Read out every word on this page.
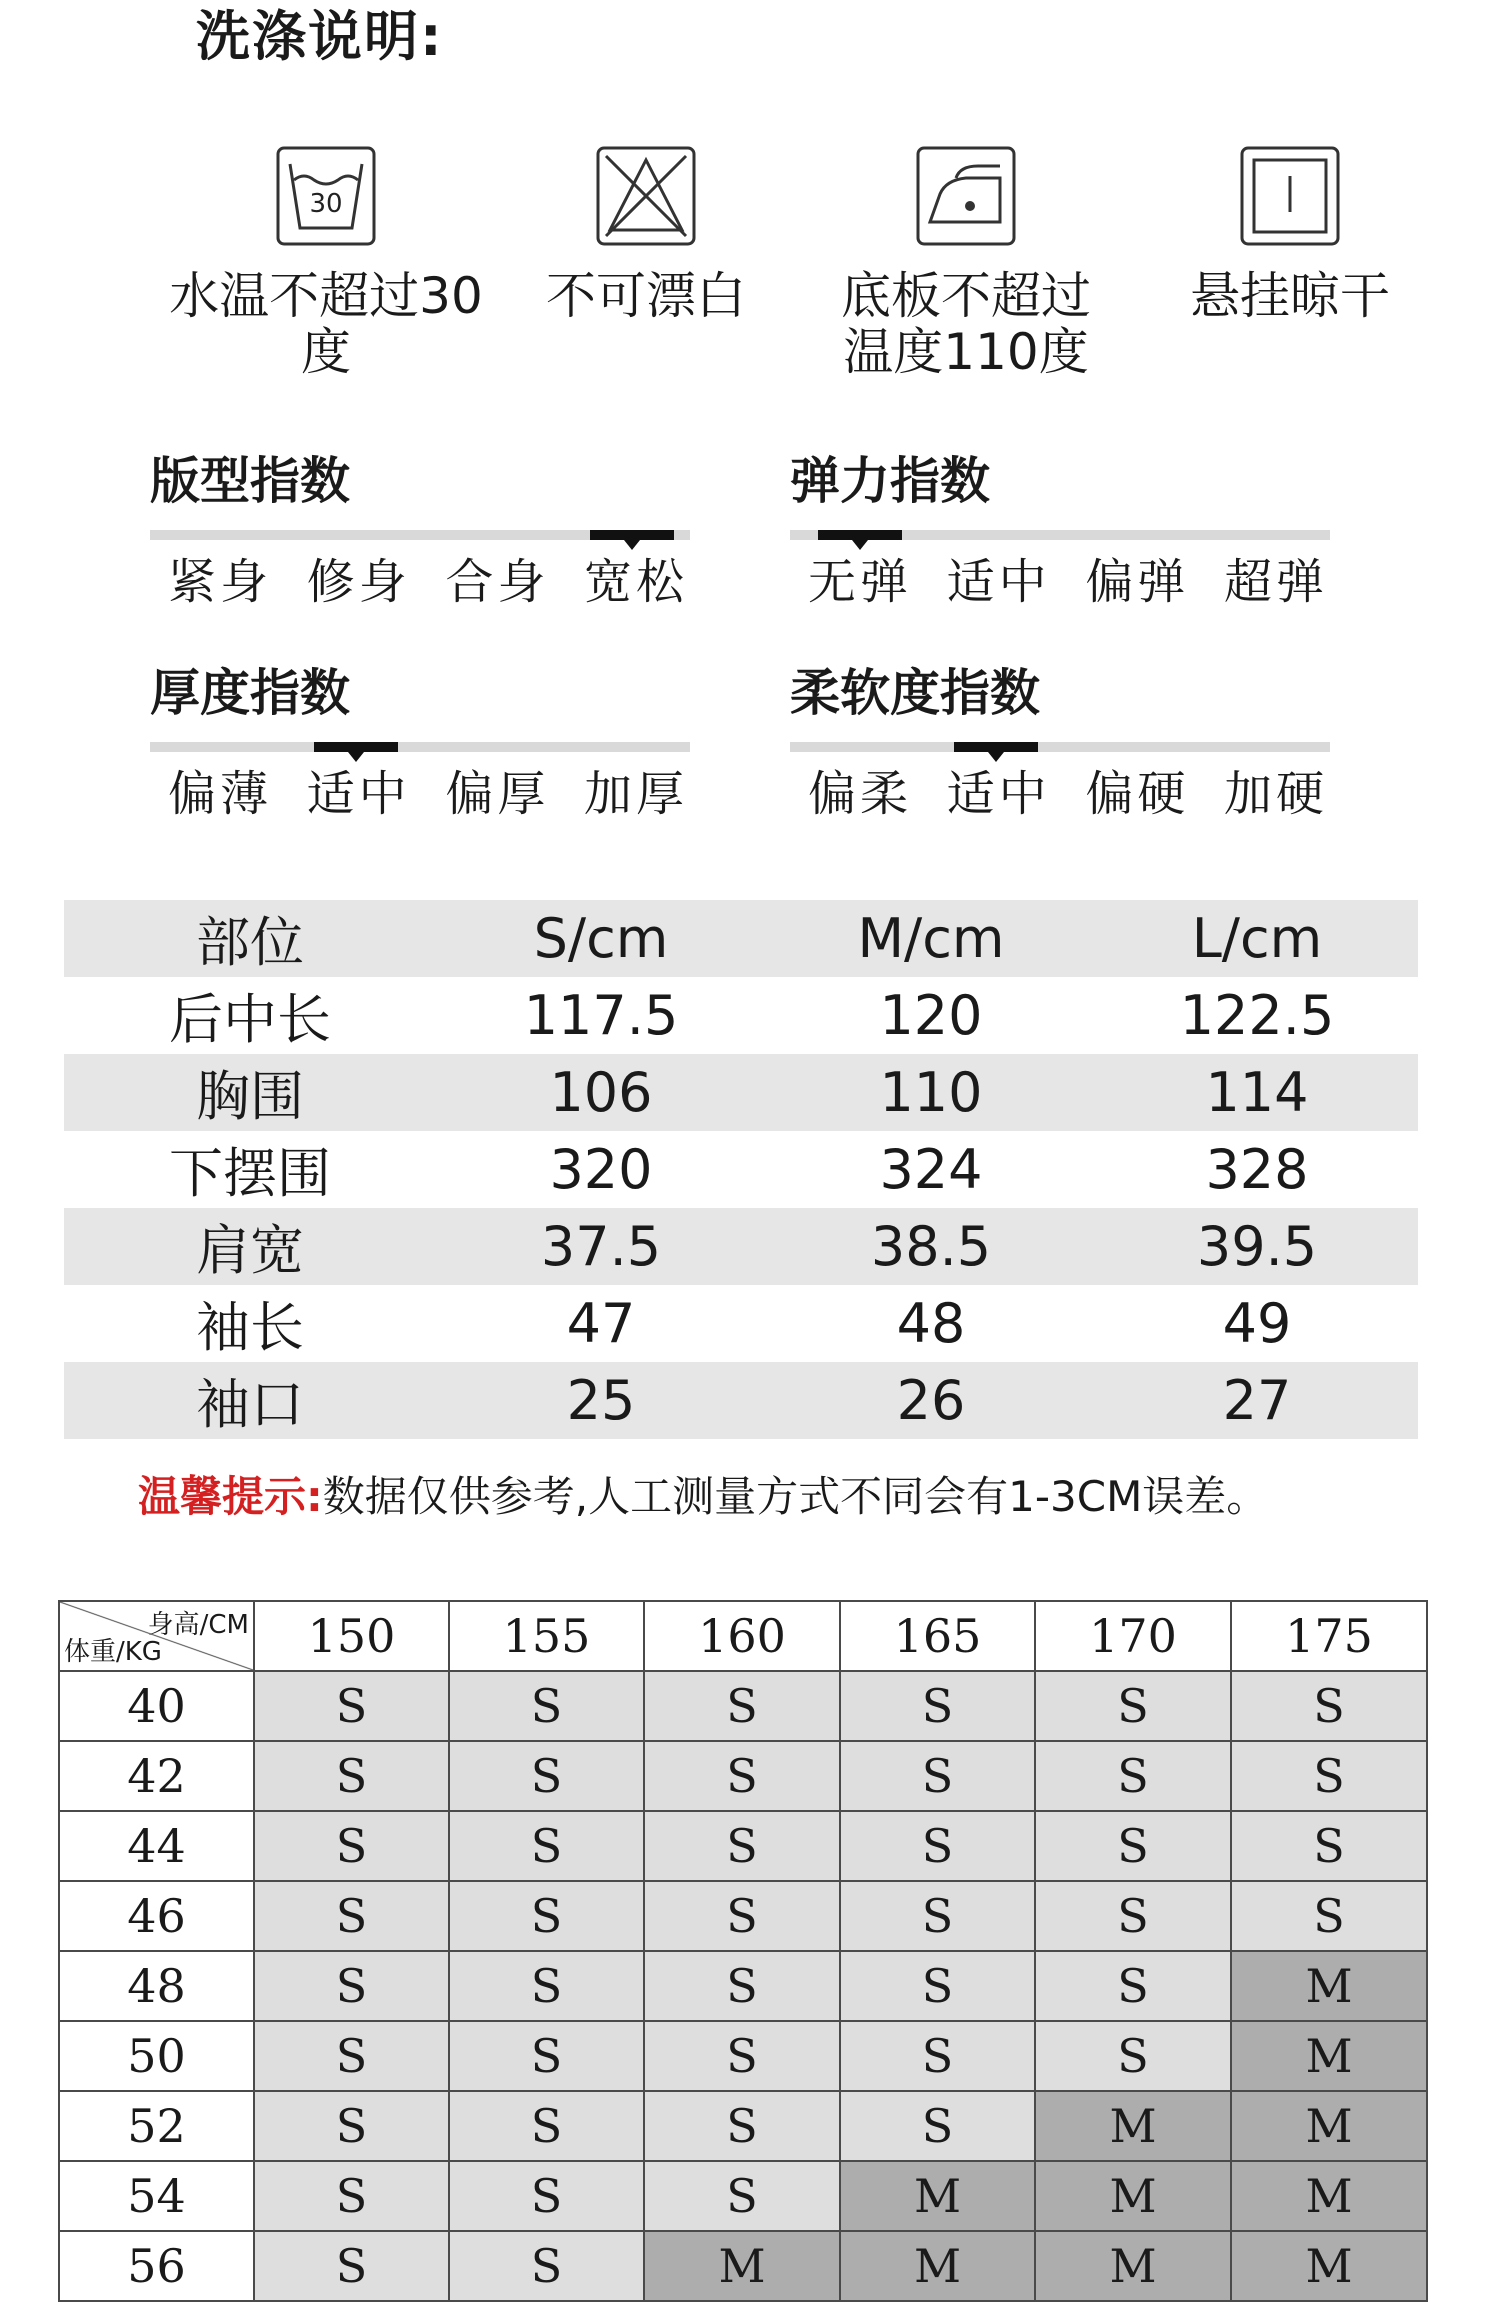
洗涤说明:
30
水温不超过30度
不可漂白	底板不超过
温度110度
悬挂晾干
版型指数
紧身 修身 合身 宽松
弹力指数
无弹 适中 偏弹 超弹
厚度指数
偏薄 适中 偏厚 加厚
柔软度指数
偏柔 适中 偏硬 加硬
部位	S/cm	M/cm	L/cm
后中长	117.5	120	122.5
胸围	106	110	114
下摆围	320	324	328
肩宽	37.5	38.5	39.5
袖长	47	48	49
袖口	25	26	27

温馨提示:数据仅供参考,人工测量方式不同会有1-3CM误差。

身高/CM
体重/KG	150	155	160	165	170	175
40	S	S	S	S	S	S
42	S	S	S	S	S	S
44	S	S	S	S	S	S
46	S	S	S	S	S	S
48	S	S	S	S	S	M
50	S	S	S	S	S	M
52	S	S	S	S	M	M
54	S	S	S	M	M	M
56	S	S	M	M	M	M
